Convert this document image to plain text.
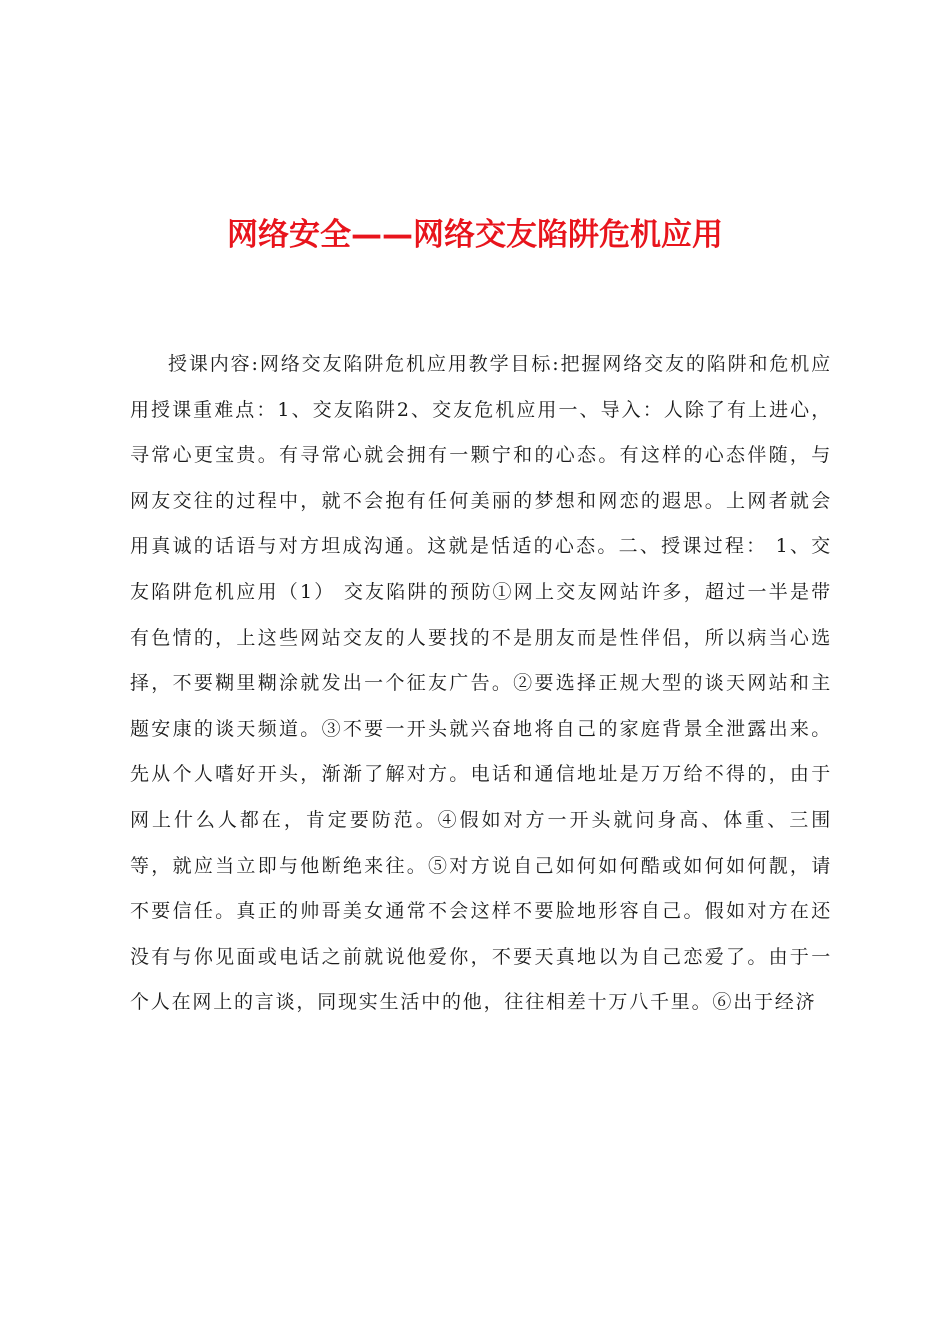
网络安全——网络交友陷阱危机应用

授课内容:网络交友陷阱危机应用教学目标:把握网络交友的陷阱和危机应用授课重难点：1、交友陷阱2、交友危机应用一、导入：人除了有上进心，寻常心更宝贵。有寻常心就会拥有一颗宁和的心态。有这样的心态伴随，与网友交往的过程中，就不会抱有任何美丽的梦想和网恋的遐思。上网者就会用真诚的话语与对方坦成沟通。这就是恬适的心态。二、授课过程： 1、交友陷阱危机应用（1） 交友陷阱的预防①网上交友网站许多，超过一半是带有色情的，上这些网站交友的人要找的不是朋友而是性伴侣，所以病当心选择，不要糊里糊涂就发出一个征友广告。②要选择正规大型的谈天网站和主题安康的谈天频道。③不要一开头就兴奋地将自己的家庭背景全泄露出来。先从个人嗜好开头，渐渐了解对方。电话和通信地址是万万给不得的，由于网上什么人都在，肯定要防范。④假如对方一开头就问身高、体重、三围等，就应当立即与他断绝来往。⑤对方说自己如何如何酷或如何如何靓，请不要信任。真正的帅哥美女通常不会这样不要脸地形容自己。假如对方在还没有与你见面或电话之前就说他爱你，不要天真地以为自己恋爱了。由于一个人在网上的言谈，同现实生活中的他，往往相差十万八千里。⑥出于经济
